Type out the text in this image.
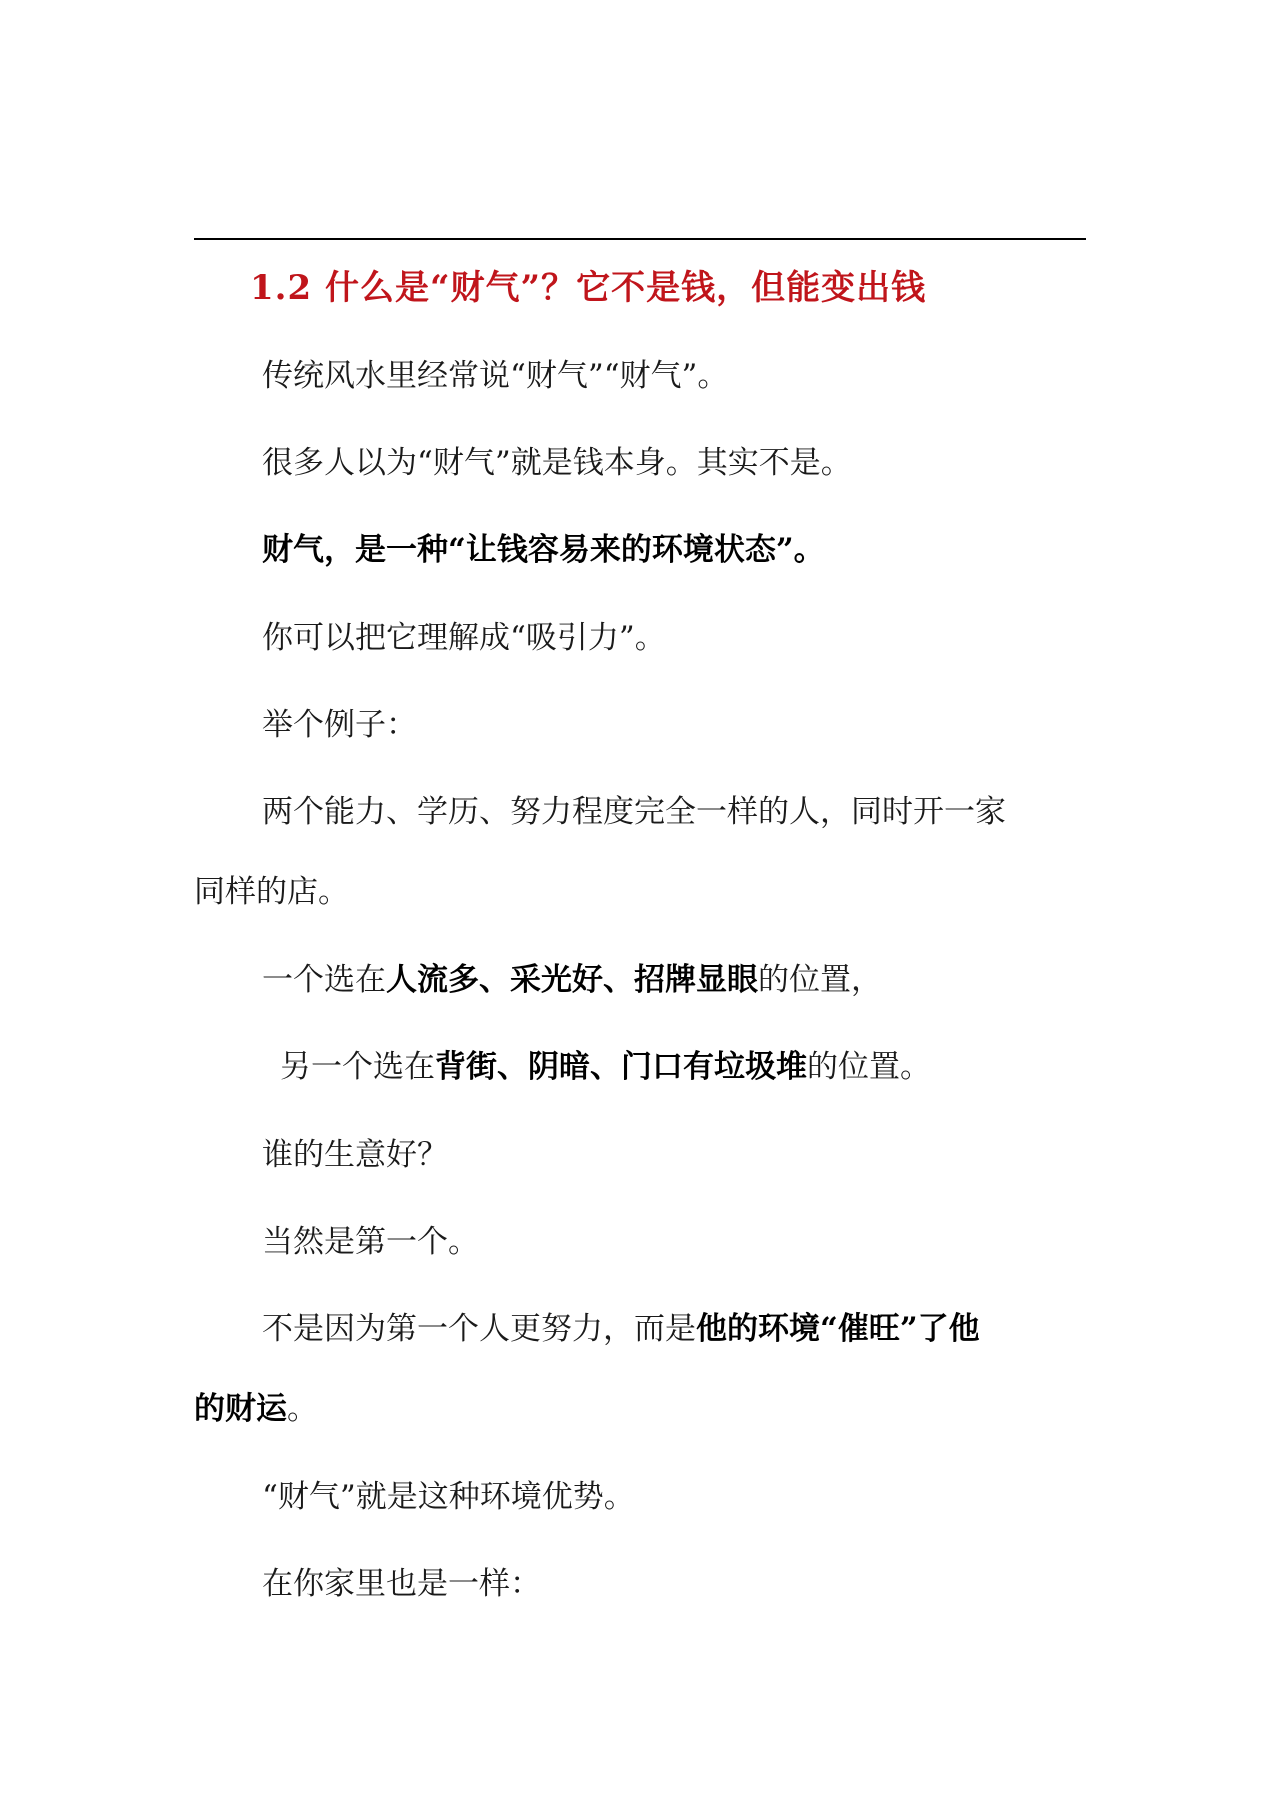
1.2 什么是“财气”？它不是钱，但能变出钱

传统风水里经常说“财气”“财气”。

很多人以为“财气”就是钱本身。其实不是。

财气，是一种“让钱容易来的环境状态”。

你可以把它理解成“吸引力”。

举个例子：

两个能力、学历、努力程度完全一样的人，同时开一家

同样的店。

一个选在人流多、采光好、招牌显眼的位置，

另一个选在背街、阴暗、门口有垃圾堆的位置。

谁的生意好？

当然是第一个。

不是因为第一个人更努力，而是他的环境“催旺”了他

的财运。

“财气”就是这种环境优势。

在你家里也是一样：
